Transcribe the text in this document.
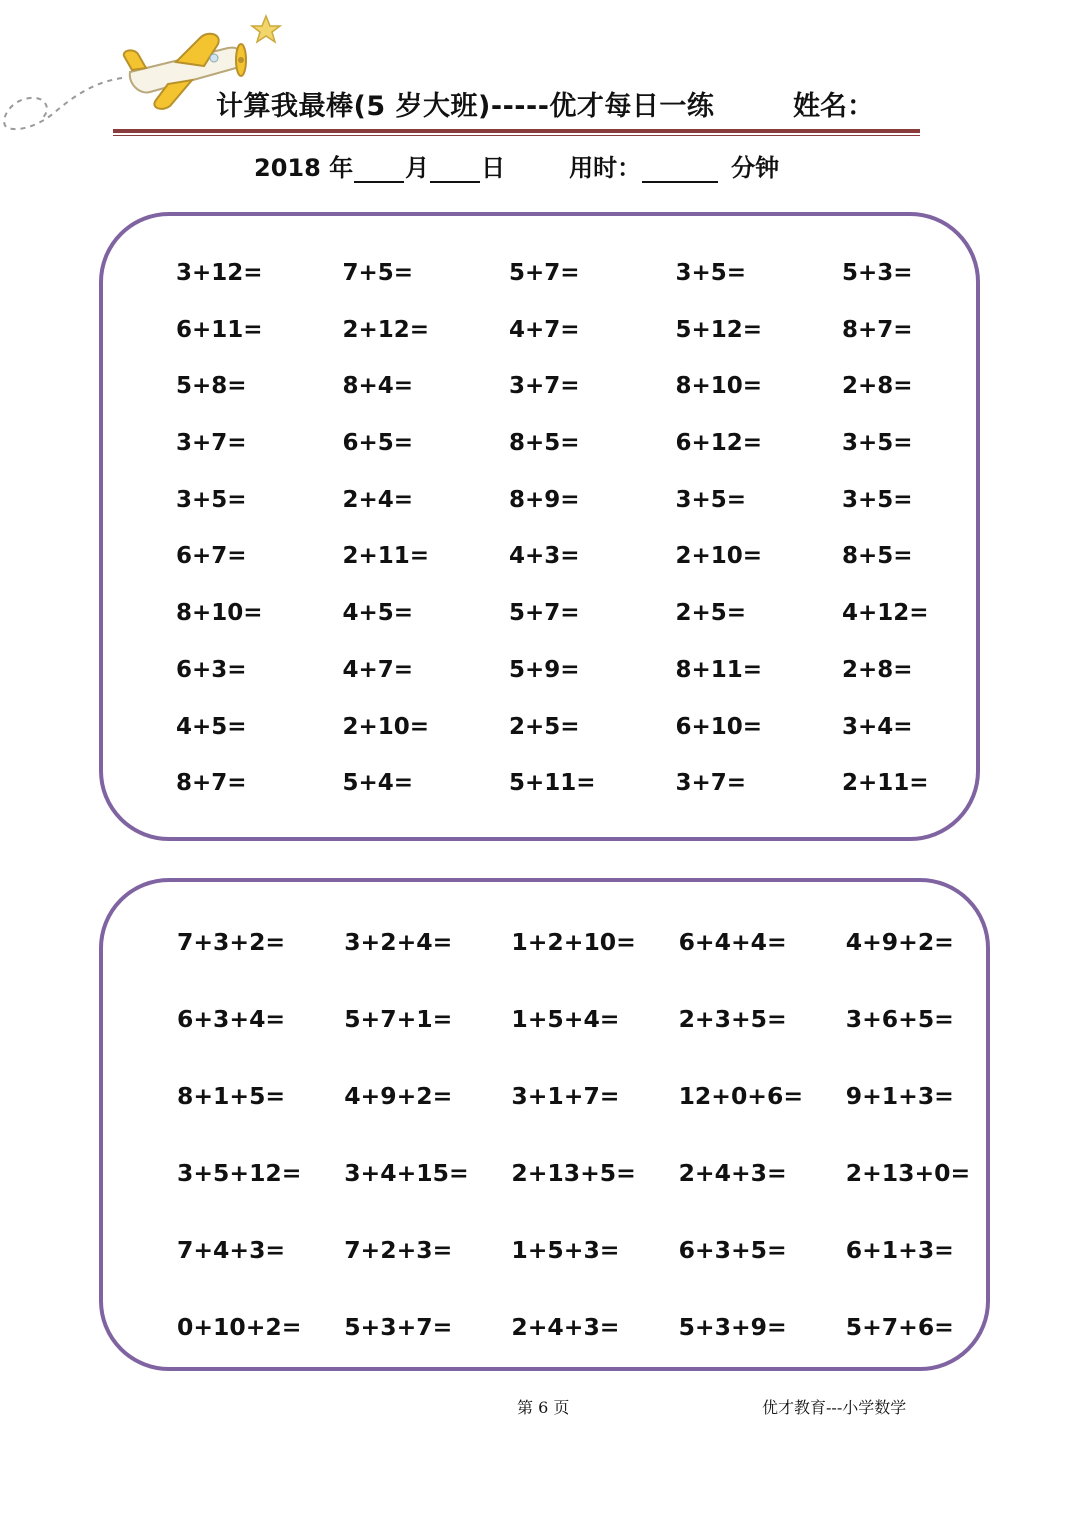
计算我最棒(5 岁大班)-----优才每日一练	姓名：
2018 年 月 日	用时：	分钟
3+12=	7+5=	5+7=	3+5=	5+3=
6+11=	2+12=	4+7=	5+12=	8+7=
5+8=	8+4=	3+7=	8+10=	2+8=
3+7=	6+5=	8+5=	6+12=	3+5=
3+5=	2+4=	8+9=	3+5=	3+5=
6+7=	2+11=	4+3=	2+10=	8+5=
8+10=	4+5=	5+7=	2+5=	4+12=
6+3=	4+7=	5+9=	8+11=	2+8=
4+5=	2+10=	2+5=	6+10=	3+4=
8+7=	5+4=	5+11=	3+7=	2+11=
7+3+2=	3+2+4=	1+2+10=	6+4+4=	4+9+2=
6+3+4=	5+7+1=	1+5+4=	2+3+5=	3+6+5=
8+1+5=	4+9+2=	3+1+7=	12+0+6=	9+1+3=
3+5+12=	3+4+15=	2+13+5=	2+4+3=	2+13+0=
7+4+3=	7+2+3=	1+5+3=	6+3+5=	6+1+3=
0+10+2=	5+3+7=	2+4+3=	5+3+9=	5+7+6=
第 6 页	优才教育---小学数学
